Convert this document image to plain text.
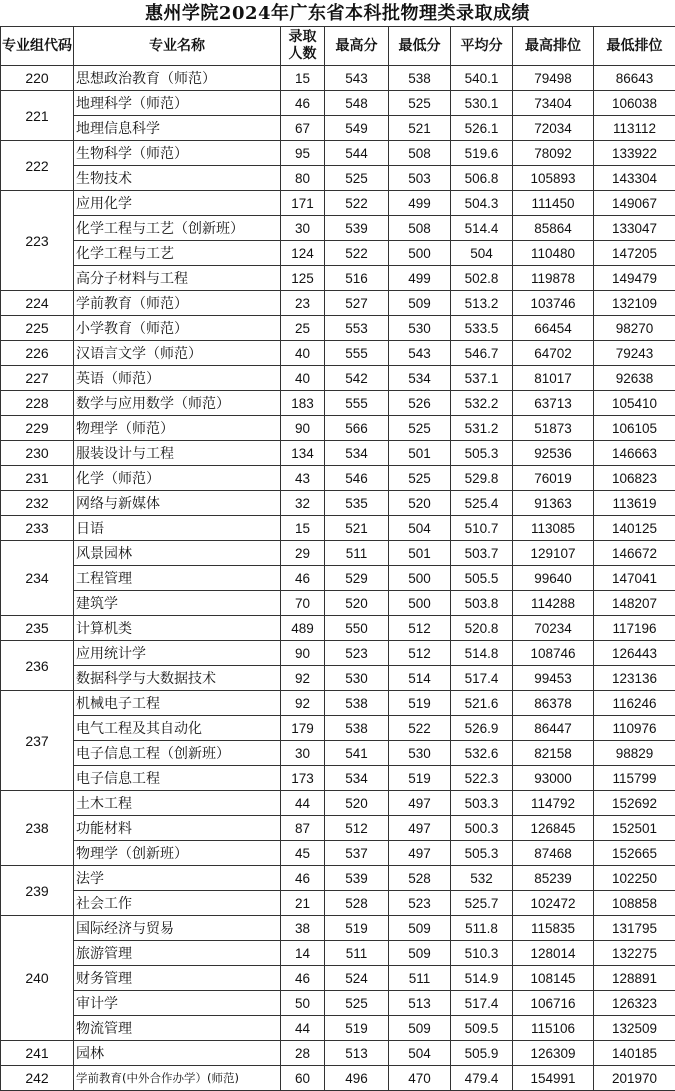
惠州学院2024年广东省本科批物理类录取成绩
专业组代码	专业名称	录取人数	最高分	最低分	平均分	最高排位	最低排位
220	思想政治教育（师范）	15	543	538	540.1	79498	86643
221	地理科学（师范）	46	548	525	530.1	73404	106038
	地理信息科学	67	549	521	526.1	72034	113112
222	生物科学（师范）	95	544	508	519.6	78092	133922
	生物技术	80	525	503	506.8	105893	143304
223	应用化学	171	522	499	504.3	111450	149067
	化学工程与工艺（创新班）	30	539	508	514.4	85864	133047
	化学工程与工艺	124	522	500	504	110480	147205
	高分子材料与工程	125	516	499	502.8	119878	149479
224	学前教育（师范）	23	527	509	513.2	103746	132109
225	小学教育（师范）	25	553	530	533.5	66454	98270
226	汉语言文学（师范）	40	555	543	546.7	64702	79243
227	英语（师范）	40	542	534	537.1	81017	92638
228	数学与应用数学（师范）	183	555	526	532.2	63713	105410
229	物理学（师范）	90	566	525	531.2	51873	106105
230	服装设计与工程	134	534	501	505.3	92536	146663
231	化学（师范）	43	546	525	529.8	76019	106823
232	网络与新媒体	32	535	520	525.4	91363	113619
233	日语	15	521	504	510.7	113085	140125
234	风景园林	29	511	501	503.7	129107	146672
	工程管理	46	529	500	505.5	99640	147041
	建筑学	70	520	500	503.8	114288	148207
235	计算机类	489	550	512	520.8	70234	117196
236	应用统计学	90	523	512	514.8	108746	126443
	数据科学与大数据技术	92	530	514	517.4	99453	123136
237	机械电子工程	92	538	519	521.6	86378	116246
	电气工程及其自动化	179	538	522	526.9	86447	110976
	电子信息工程（创新班）	30	541	530	532.6	82158	98829
	电子信息工程	173	534	519	522.3	93000	115799
238	土木工程	44	520	497	503.3	114792	152692
	功能材料	87	512	497	500.3	126845	152501
	物理学（创新班）	45	537	497	505.3	87468	152665
239	法学	46	539	528	532	85239	102250
	社会工作	21	528	523	525.7	102472	108858
240	国际经济与贸易	38	519	509	511.8	115835	131795
	旅游管理	14	511	509	510.3	128014	132275
	财务管理	46	524	511	514.9	108145	128891
	审计学	50	525	513	517.4	106716	126323
	物流管理	44	519	509	509.5	115106	132509
241	园林	28	513	504	505.9	126309	140185
242	学前教育(中外合作办学）(师范)	60	496	470	479.4	154991	201970
